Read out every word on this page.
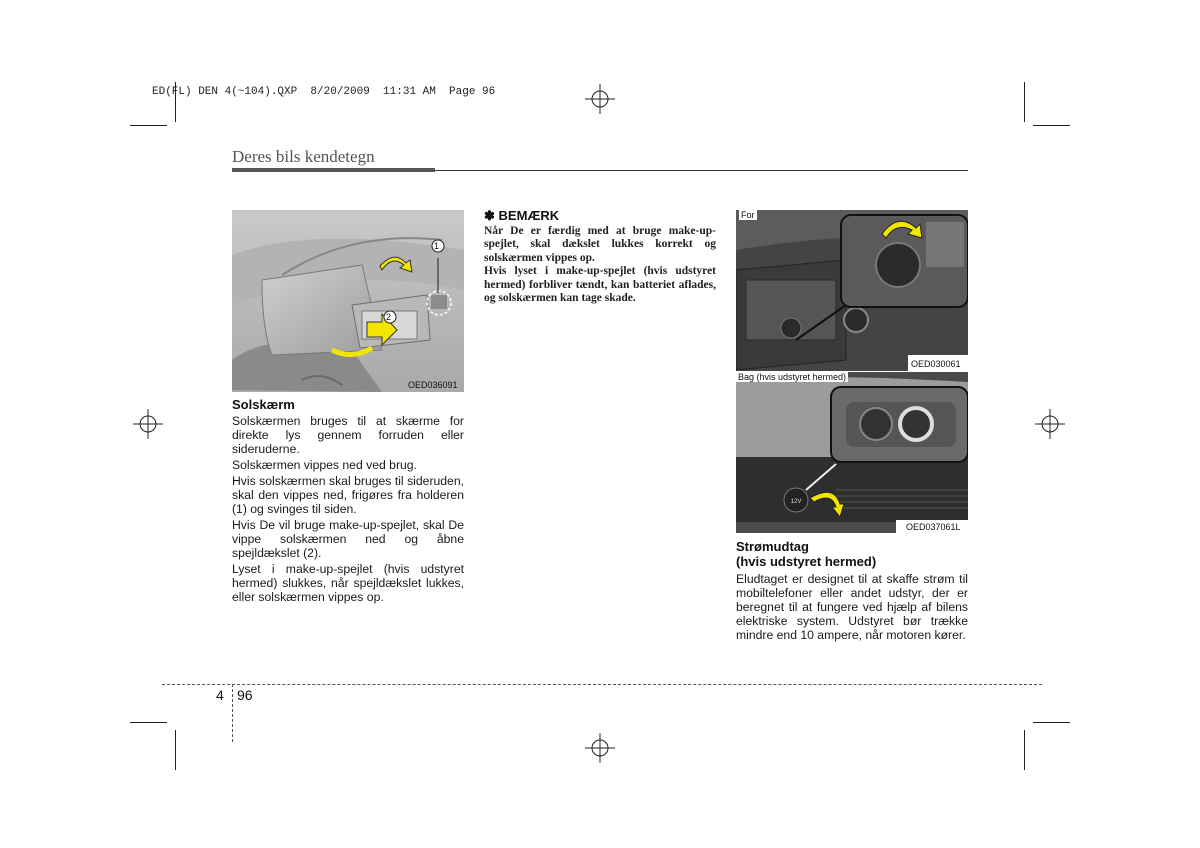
ED(FL) DEN 4(~104).QXP  8/20/2009  11:31 AM  Page 96
Deres bils kendetegn
1
2
OED036091
Solskærm

Solskærmen bruges til at skærme for direkte lys gennem forruden eller sideruderne.

Solskærmen vippes ned ved brug.

Hvis solskærmen skal bruges til sideruden, skal den vippes ned, frigøres fra holderen (1) og svinges til siden.

Hvis De vil bruge make-up-spejlet, skal De vippe solskærmen ned og åbne spejldækslet (2).

Lyset i make-up-spejlet (hvis udstyret hermed) slukkes, når spejldækslet lukkes, eller solskærmen vippes op.

✽ BEMÆRK

Når De er færdig med at bruge make-up-spejlet, skal dækslet lukkes korrekt og solskærmen vippes op.

Hvis lyset i make-up-spejlet (hvis udstyret hermed) forbliver tændt, kan batteriet aflades, og solskærmen kan tage skade.

For
OED030061
12V
Bag (hvis udstyret hermed)
OED037061L
Strømudtag
(hvis udstyret hermed)

Eludtaget er designet til at skaffe strøm til mobiltelefoner eller andet udstyr, der er beregnet til at fungere ved hjælp af bilens elektriske system. Udstyret bør trække mindre end 10 ampere, når motoren kører.

4 96
